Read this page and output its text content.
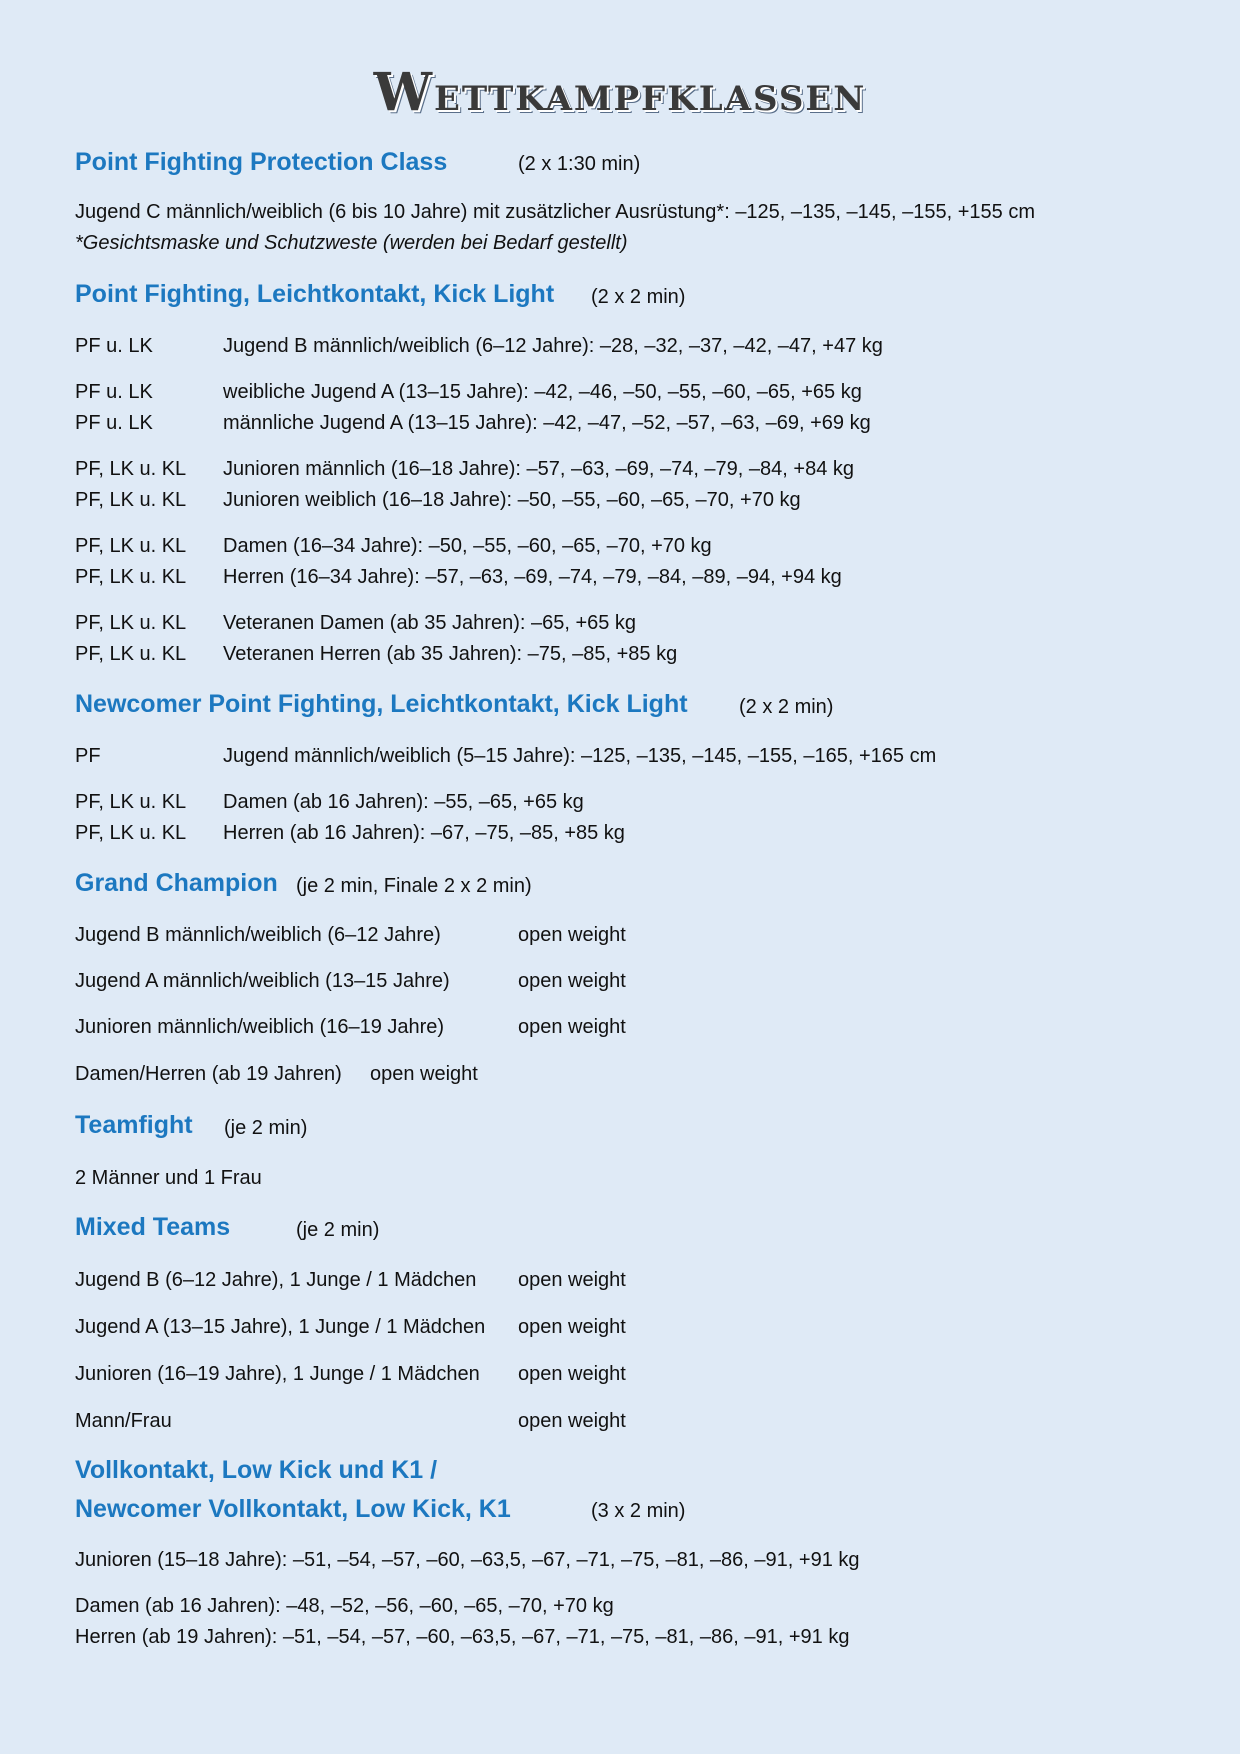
WETTKAMPFKLASSEN
Point Fighting Protection Class	(2 x 1:30 min)
Jugend C männlich/weiblich (6 bis 10 Jahre) mit zusätzlicher Ausrüstung*: –125, –135, –145, –155, +155 cm
*Gesichtsmaske und Schutzweste (werden bei Bedarf gestellt)
Point Fighting, Leichtkontakt, Kick Light (2 x 2 min)
PF u. LK	Jugend B männlich/weiblich (6–12 Jahre): –28, –32, –37, –42, –47, +47 kg
PF u. LK	weibliche Jugend A (13–15 Jahre): –42, –46, –50, –55, –60, –65, +65 kg
PF u. LK	männliche Jugend A (13–15 Jahre): –42, –47, –52, –57, –63, –69, +69 kg
PF, LK u. KL Junioren männlich (16–18 Jahre): –57, –63, –69, –74, –79, –84, +84 kg
PF, LK u. KL Junioren weiblich (16–18 Jahre): –50, –55, –60, –65, –70, +70 kg
PF, LK u. KL Damen (16–34 Jahre): –50, –55, –60, –65, –70, +70 kg
PF, LK u. KL Herren (16–34 Jahre): –57, –63, –69, –74, –79, –84, –89, –94, +94 kg
PF, LK u. KL Veteranen Damen (ab 35 Jahren): –65, +65 kg
PF, LK u. KL Veteranen Herren (ab 35 Jahren): –75, –85, +85 kg
Newcomer Point Fighting, Leichtkontakt, Kick Light	(2 x 2 min)
PF	Jugend männlich/weiblich (5–15 Jahre): –125, –135, –145, –155, –165, +165 cm
PF, LK u. KL Damen (ab 16 Jahren): –55, –65, +65 kg
PF, LK u. KL Herren (ab 16 Jahren): –67, –75, –85, +85 kg
Grand Champion (je 2 min, Finale 2 x 2 min)
Jugend B männlich/weiblich (6–12 Jahre)	open weight
Jugend A männlich/weiblich (13–15 Jahre)	open weight
Junioren männlich/weiblich (16–19 Jahre)	open weight
Damen/Herren (ab 19 Jahren) open weight
Teamfight (je 2 min)
2 Männer und 1 Frau
Mixed Teams	(je 2 min)
Jugend B (6–12 Jahre), 1 Junge / 1 Mädchen open weight
Jugend A (13–15 Jahre), 1 Junge / 1 Mädchen open weight
Junioren (16–19 Jahre), 1 Junge / 1 Mädchen open weight
Mann/Frau	open weight
Vollkontakt, Low Kick und K1 /
Newcomer Vollkontakt, Low Kick, K1	(3 x 2 min)
Junioren (15–18 Jahre): –51, –54, –57, –60, –63,5, –67, –71, –75, –81, –86, –91, +91 kg
Damen (ab 16 Jahren): –48, –52, –56, –60, –65, –70, +70 kg
Herren (ab 19 Jahren): –51, –54, –57, –60, –63,5, –67, –71, –75, –81, –86, –91, +91 kg
